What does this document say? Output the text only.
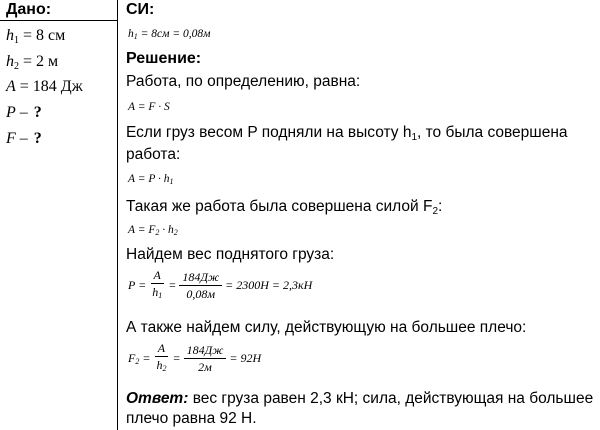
Дано:	СИ:
$h_1 = 8$ см
$h_2 = 2$ м
A = 184 Дж
P – ?
F – ?
$h_1 = 8см = 0,08м$
Решение:
Работа, по определению, равна:
A = F · S
Если груз весом P подняли на высоту $h_1$, то была совершена
работа:
$A = P \cdot h_1$
Такая же работа была совершена силой $F_2$:
$A = F_2 \cdot h_2$
Найдем вес поднятого груза:
$P = \frac{A}{h_1} = \frac{184Дж}{0,08м} = 2300Н = 2,3кН$
А также найдем силу, действующую на большее плечо:
$F_2 = \frac{A}{h_2} = \frac{184Дж}{2м} = 92Н$
Ответ: вес груза равен 2,3 кН; сила, действующая на большее
плечо равна 92 Н.
